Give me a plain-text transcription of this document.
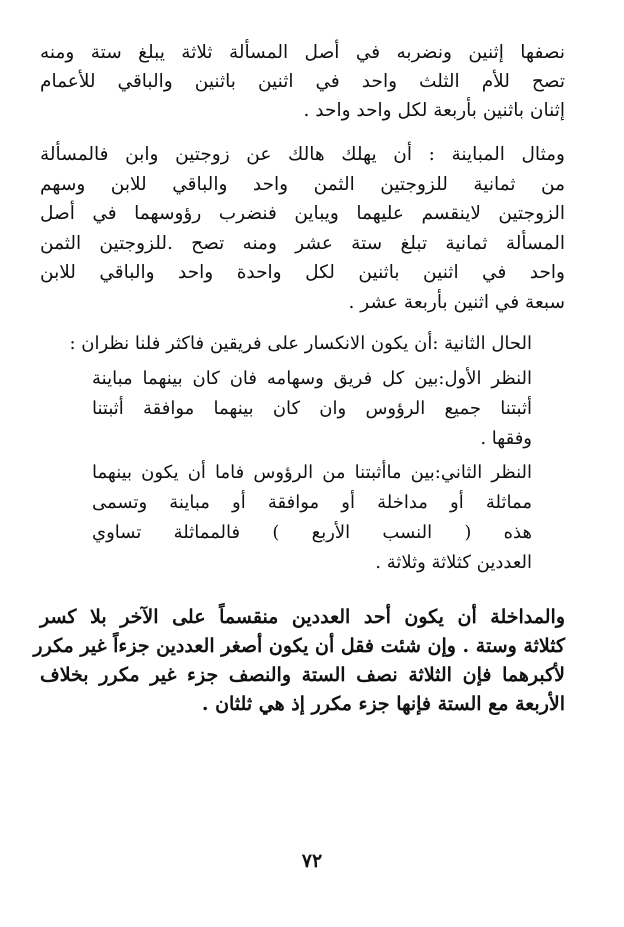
نصفها إثنين ونضربه في أصل المسألة ثلاثة يبلغ ستة ومنه
تصح للأم الثلث واحد في اثنين باثنين والباقي للأعمام
إثنان باثنين بأربعة لكل واحد واحد .
ومثال المباينة : أن يهلك هالك عن زوجتين وابن فالمسألة
من ثمانية للزوجتين الثمن واحد والباقي للابن وسهم
الزوجتين لاينقسم عليهما ويباين فنضرب رؤوسهما في أصل
المسألة ثمانية تبلغ ستة عشر ومنه تصح .للزوجتين الثمن
واحد في اثنين باثنين لكل واحدة واحد والباقي للابن
سبعة في اثنين بأربعة عشر .
الحال الثانية :أن يكون الانكسار على فريقين فاكثر فلنا نظران :
النظر الأول:بين كل فريق وسهامه فان كان بينهما مباينة
أثبتنا جميع الرؤوس وان كان بينهما موافقة أثبتنا
وفقها .
النظر الثاني:بين ماأثبتنا من الرؤوس فاما أن يكون بينهما
مماثلة أو مداخلة أو موافقة أو مباينة وتسمى
هذه ( النسب الأربع ) فالمماثلة تساوي
العددين كثلاثة وثلاثة .
والمداخلة أن يكون أحد العددين منقسماً على الآخر بلا كسر
كثلاثة وستة . وإن شئت فقل أن يكون أصغر العددين جزءاً غير مكرر
لأكبرهما فإن الثلاثة نصف الستة والنصف جزء غير مكرر بخلاف
الأربعة مع الستة فإنها جزء مكرر إذ هي ثلثان .
٧٢
